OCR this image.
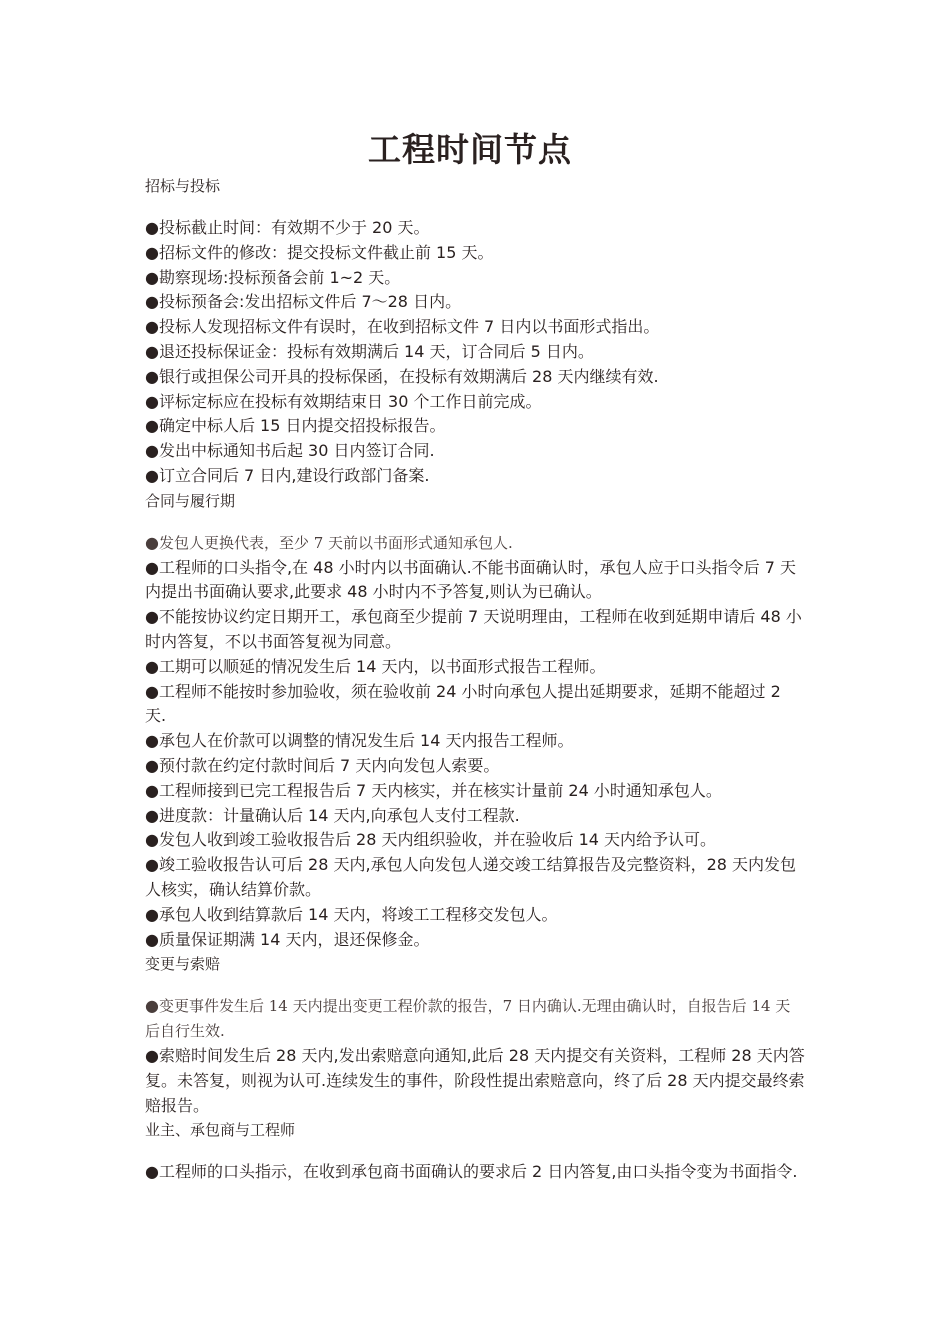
工程时间节点
招标与投标
●投标截止时间：有效期不少于 20 天。
●招标文件的修改：提交投标文件截止前 15 天。
●勘察现场:投标预备会前 1~2 天。
●投标预备会:发出招标文件后 7～28 日内。
●投标人发现招标文件有误时，在收到招标文件 7 日内以书面形式指出。
●退还投标保证金：投标有效期满后 14 天，订合同后 5 日内。
●银行或担保公司开具的投标保函，在投标有效期满后 28 天内继续有效.
●评标定标应在投标有效期结束日 30 个工作日前完成。
●确定中标人后 15 日内提交招投标报告。
●发出中标通知书后起 30 日内签订合同.
●订立合同后 7 日内,建设行政部门备案.
合同与履行期
●发包人更换代表，至少 7 天前以书面形式通知承包人.
●工程师的口头指令,在 48 小时内以书面确认.不能书面确认时，承包人应于口头指令后 7 天内提出书面确认要求,此要求 48 小时内不予答复,则认为已确认。
●不能按协议约定日期开工，承包商至少提前 7 天说明理由，工程师在收到延期申请后 48 小时内答复，不以书面答复视为同意。
●工期可以顺延的情况发生后 14 天内，以书面形式报告工程师。
●工程师不能按时参加验收，须在验收前 24 小时向承包人提出延期要求，延期不能超过 2 天.
●承包人在价款可以调整的情况发生后 14 天内报告工程师。
●预付款在约定付款时间后 7 天内向发包人索要。
●工程师接到已完工程报告后 7 天内核实，并在核实计量前 24 小时通知承包人。
●进度款：计量确认后 14 天内,向承包人支付工程款.
●发包人收到竣工验收报告后 28 天内组织验收，并在验收后 14 天内给予认可。
●竣工验收报告认可后 28 天内,承包人向发包人递交竣工结算报告及完整资料，28 天内发包人核实，确认结算价款。
●承包人收到结算款后 14 天内，将竣工工程移交发包人。
●质量保证期满 14 天内，退还保修金。
变更与索赔
●变更事件发生后 14 天内提出变更工程价款的报告，7 日内确认.无理由确认时，自报告后 14 天后自行生效.
●索赔时间发生后 28 天内,发出索赔意向通知,此后 28 天内提交有关资料，工程师 28 天内答复。未答复，则视为认可.连续发生的事件，阶段性提出索赔意向，终了后 28 天内提交最终索赔报告。
业主、承包商与工程师
●工程师的口头指示，在收到承包商书面确认的要求后 2 日内答复,由口头指令变为书面指令.
